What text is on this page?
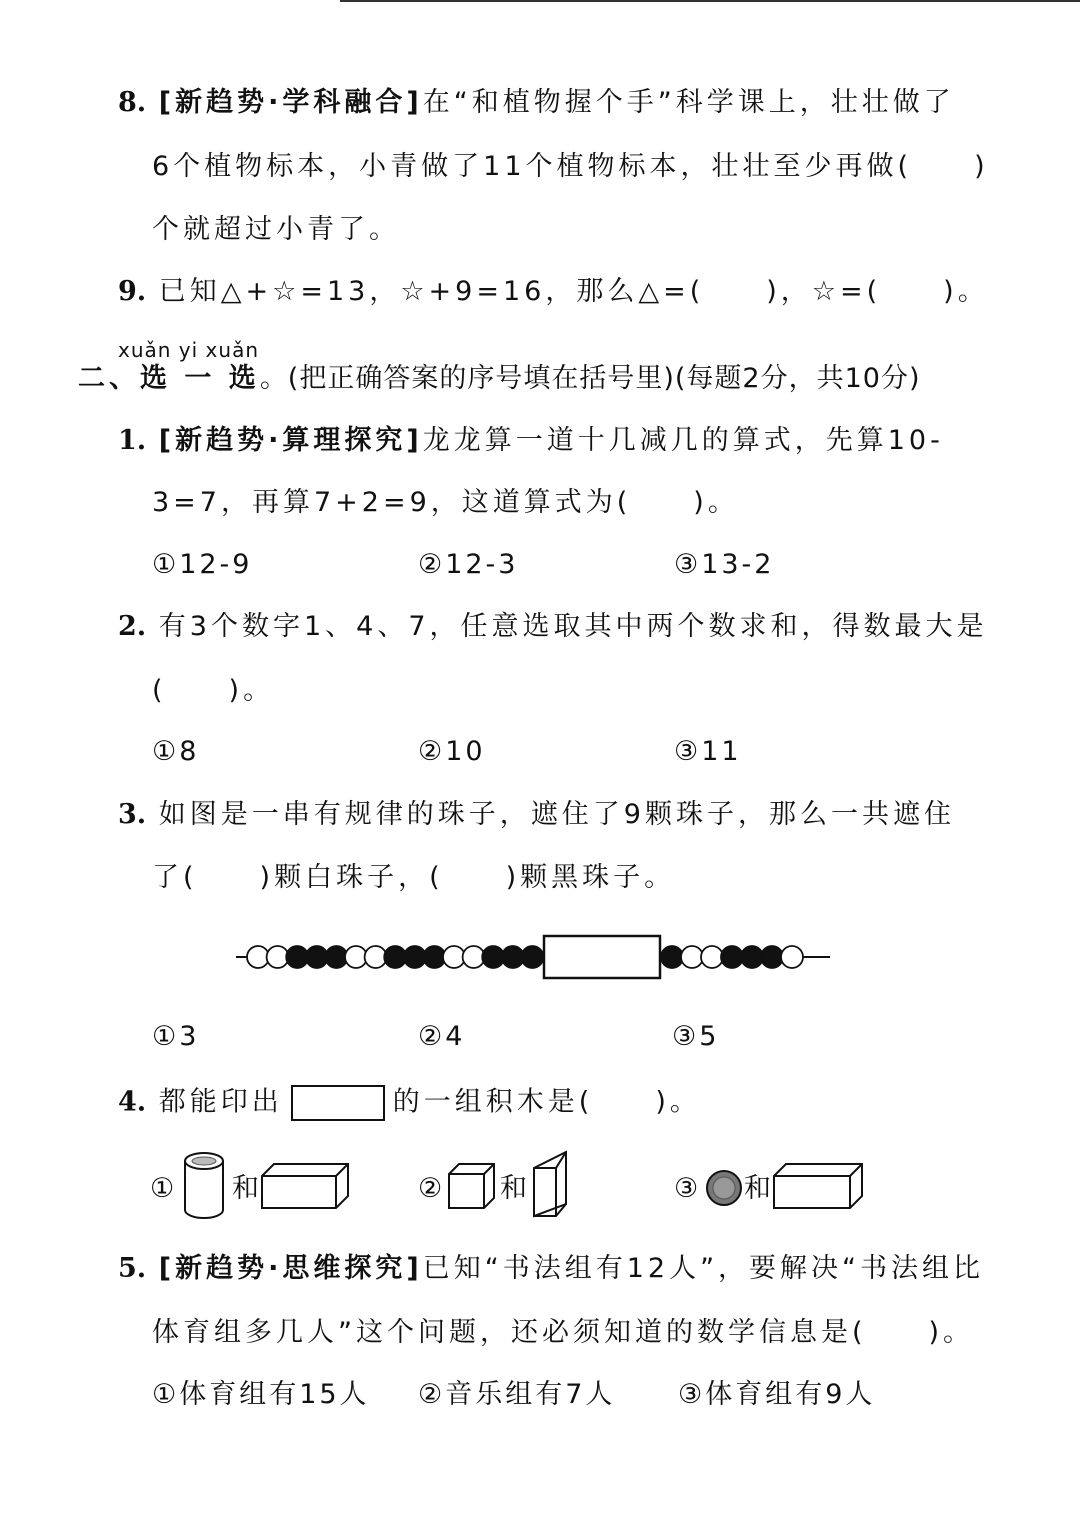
8. [新趋势·学科融合]在“和植物握个手”科学课上，壮壮做了
6个植物标本，小青做了11个植物标本，壮壮至少再做(　　)
个就超过小青了。
9. 已知△+☆=13，☆+9=16，那么△=(　　)，☆=(　　)。
xuǎn yi xuǎn
二、选 一 选。(把正确答案的序号填在括号里)(每题2分，共10分)
1. [新趋势·算理探究]龙龙算一道十几减几的算式，先算10-
3=7，再算7+2=9，这道算式为(　　)。
①12-9	②12-3	③13-2
2. 有3个数字1、4、7，任意选取其中两个数求和，得数最大是
(　　)。
①8	②10	③11
3. 如图是一串有规律的珠子，遮住了9颗珠子，那么一共遮住
了(　　)颗白珠子，(　　)颗黑珠子。
①3	②4	③5
4. 都能印出	的一组积木是(　　)。
① 和	② 和	③ 和
5. [新趋势·思维探究]已知“书法组有12人”，要解决“书法组比
体育组多几人”这个问题，还必须知道的数学信息是(　　)。
①体育组有15人 ②音乐组有7人 ③体育组有9人
